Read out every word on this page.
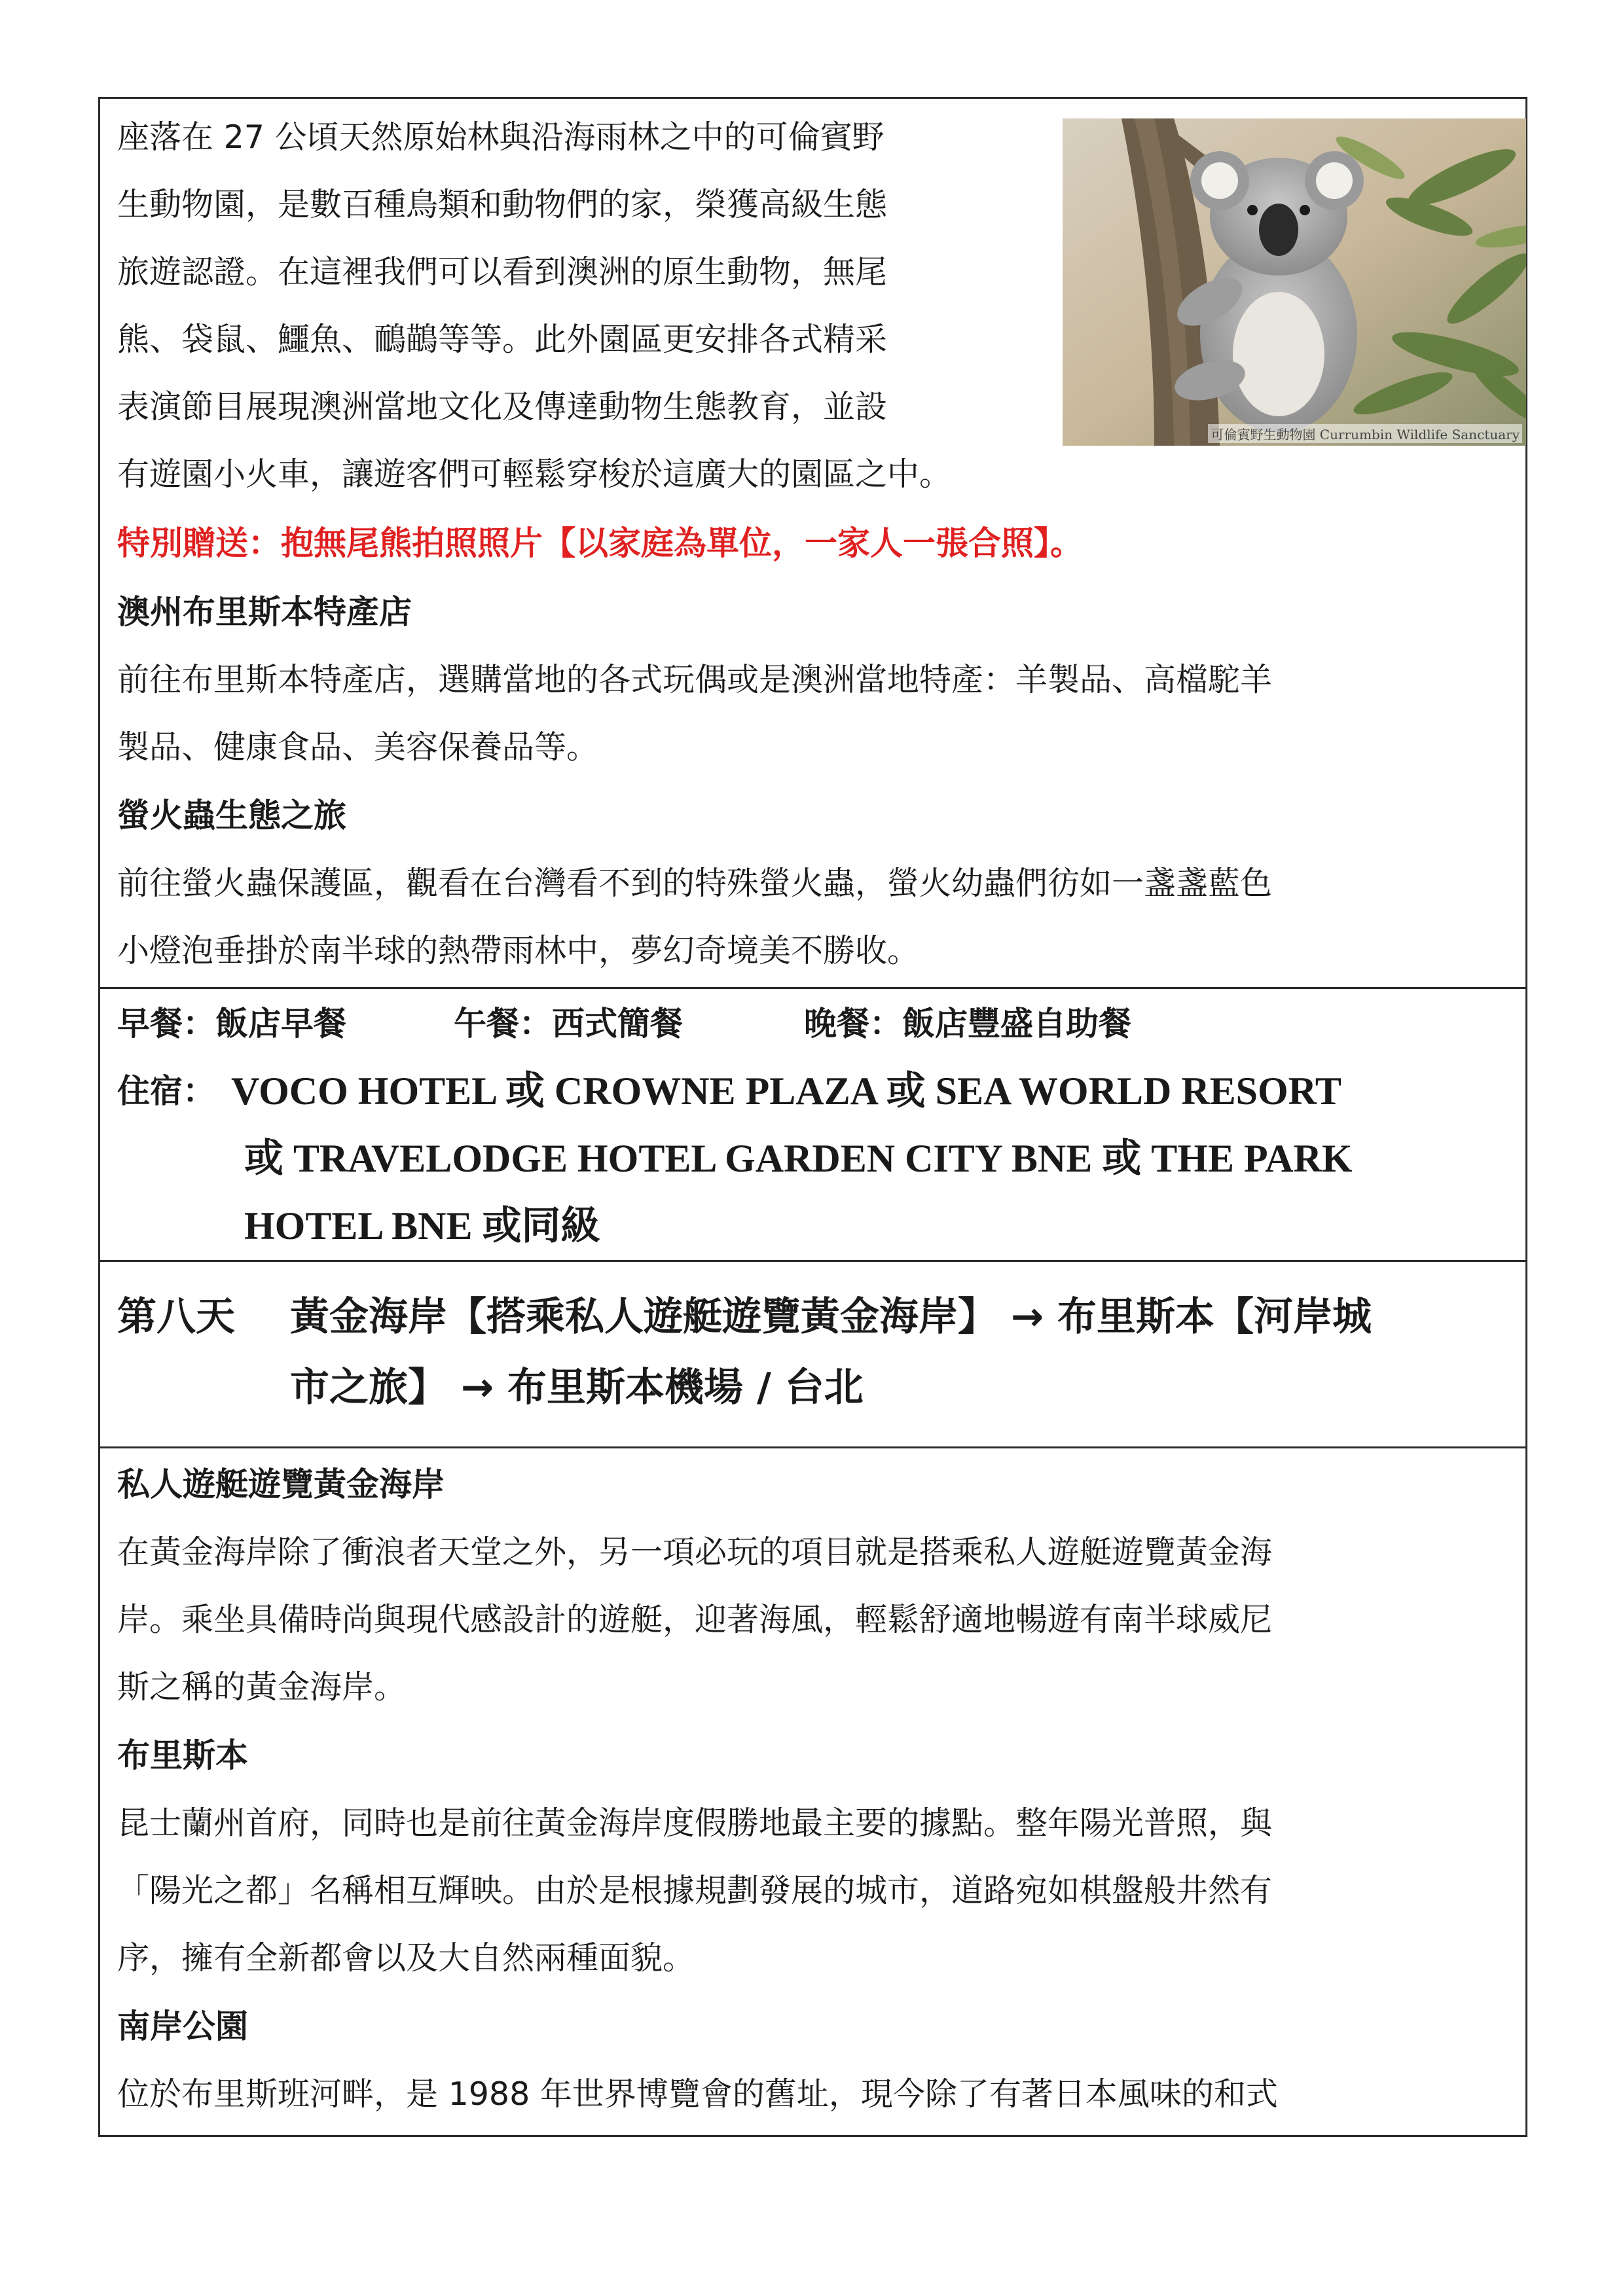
座落在 27 公頃天然原始林與沿海雨林之中的可倫賓野
生動物園，是數百種鳥類和動物們的家，榮獲高級生態
旅遊認證。在這裡我們可以看到澳洲的原生動物，無尾
熊、袋鼠、鱷魚、鴯鶓等等。此外園區更安排各式精采
表演節目展現澳洲當地文化及傳達動物生態教育，並設
有遊園小火車，讓遊客們可輕鬆穿梭於這廣大的園區之中。
可倫賓野生動物園 Currumbin Wildlife Sanctuary
特別贈送：抱無尾熊拍照照片【以家庭為單位，一家人一張合照】。
澳州布里斯本特產店
前往布里斯本特產店，選購當地的各式玩偶或是澳洲當地特產：羊製品、高檔駝羊
製品、健康食品、美容保養品等。
螢火蟲生態之旅
前往螢火蟲保護區，觀看在台灣看不到的特殊螢火蟲，螢火幼蟲們彷如一盞盞藍色
小燈泡垂掛於南半球的熱帶雨林中，夢幻奇境美不勝收。
早餐：飯店早餐	午餐：西式簡餐	晚餐：飯店豐盛自助餐
住宿： VOCO HOTEL 或 CROWNE PLAZA 或 SEA WORLD RESORT
或 TRAVELODGE HOTEL GARDEN CITY BNE 或 THE PARK
HOTEL BNE 或同級
第八天 黃金海岸【搭乘私人遊艇遊覽黃金海岸】 → 布里斯本【河岸城
市之旅】 → 布里斯本機場 / 台北
私人遊艇遊覽黃金海岸
在黃金海岸除了衝浪者天堂之外，另一項必玩的項目就是搭乘私人遊艇遊覽黃金海
岸。乘坐具備時尚與現代感設計的遊艇，迎著海風，輕鬆舒適地暢遊有南半球威尼
斯之稱的黃金海岸。
布里斯本
昆士蘭州首府，同時也是前往黃金海岸度假勝地最主要的據點。整年陽光普照，與
「陽光之都」名稱相互輝映。由於是根據規劃發展的城市，道路宛如棋盤般井然有
序，擁有全新都會以及大自然兩種面貌。
南岸公園
位於布里斯班河畔，是 1988 年世界博覽會的舊址，現今除了有著日本風味的和式
